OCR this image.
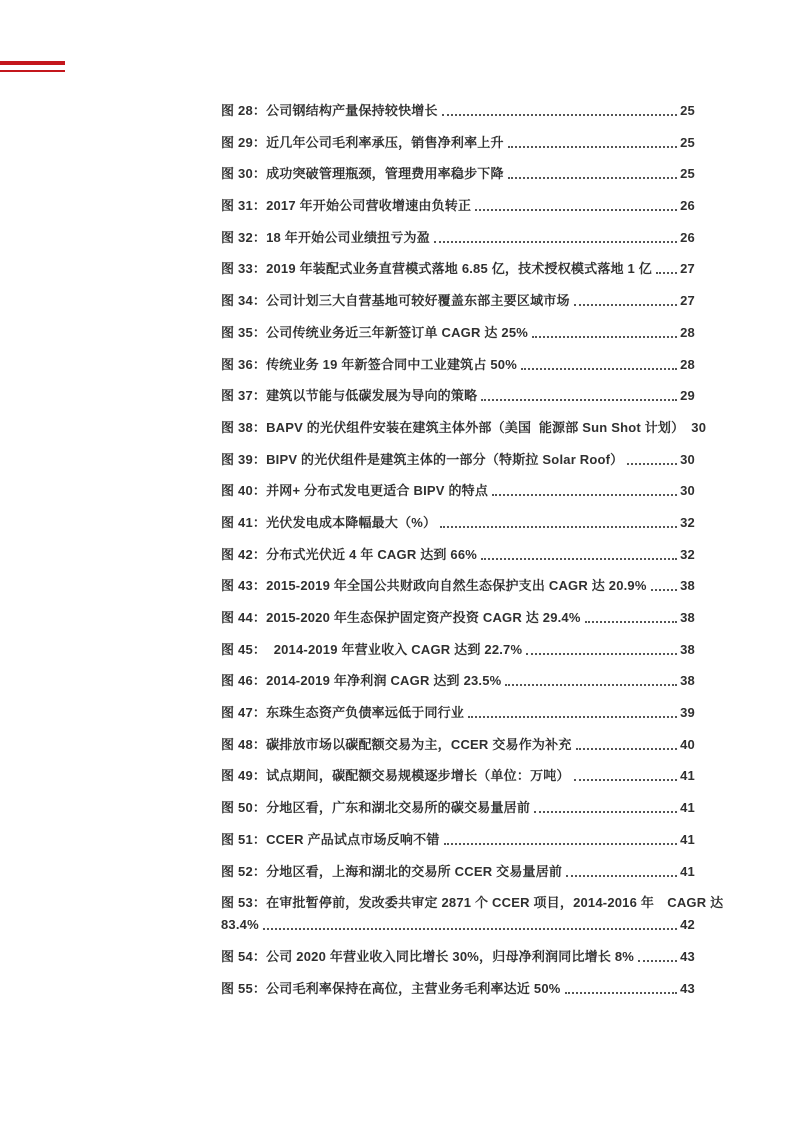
图 28：公司钢结构产量保持较快增长	25
图 29：近几年公司毛利率承压，销售净利率上升	25
图 30：成功突破管理瓶颈，管理费用率稳步下降	25
图 31：2017 年开始公司营收增速由负转正	26
图 32：18 年开始公司业绩扭亏为盈	26
图 33：2019 年装配式业务直营模式落地 6.85 亿，技术授权模式落地 1 亿 27
图 34：公司计划三大自营基地可较好覆盖东部主要区域市场	27
图 35：公司传统业务近三年新签订单 CAGR 达 25%	28
图 36：传统业务 19 年新签合同中工业建筑占 50%	28
图 37：建筑以节能与低碳发展为导向的策略	29
图 38：BAPV 的光伏组件安装在建筑主体外部（美国  能源部 Sun Shot 计划） 30
图 39：BIPV 的光伏组件是建筑主体的一部分（特斯拉 Solar Roof）	30
图 40：并网+ 分布式发电更适合 BIPV 的特点	30
图 41：光伏发电成本降幅最大（%）	32
图 42：分布式光伏近 4 年 CAGR 达到 66%	32
图 43：2015-2019 年全国公共财政向自然生态保护支出 CAGR 达 20.9%	38
图 44：2015-2020 年生态保护固定资产投资 CAGR 达 29.4%	38
图 45：  2014-2019 年营业收入 CAGR 达到 22.7%	38
图 46：2014-2019 年净利润 CAGR 达到 23.5%	38
图 47：东珠生态资产负债率远低于同行业	39
图 48：碳排放市场以碳配额交易为主，CCER 交易作为补充	40
图 49：试点期间，碳配额交易规模逐步增长（单位：万吨）	41
图 50：分地区看，广东和湖北交易所的碳交易量居前	41
图 51：CCER 产品试点市场反响不错	41
图 52：分地区看，上海和湖北的交易所 CCER 交易量居前	41
图 53：在审批暂停前，发改委共审定 2871 个 CCER 项目，2014-2016 年　CAGR 达
83.4%	42
图 54：公司 2020 年营业收入同比增长 30%，归母净利润同比增长 8%	43
图 55：公司毛利率保持在高位，主营业务毛利率达近 50%	43
